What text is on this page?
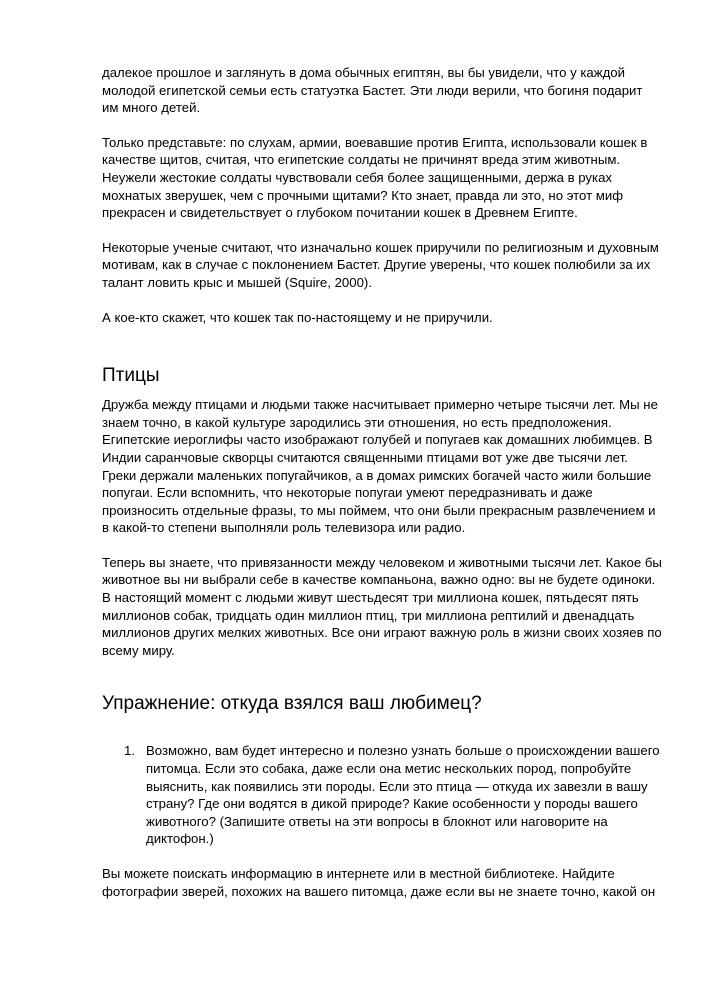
далекое прошлое и заглянуть в дома обычных египтян, вы бы увидели, что у каждой молодой египетской семьи есть статуэтка Бастет. Эти люди верили, что богиня подарит им много детей.

Только представьте: по слухам, армии, воевавшие против Египта, использовали кошек в качестве щитов, считая, что египетские солдаты не причинят вреда этим животным. Неужели жестокие солдаты чувствовали себя более защищенными, держа в руках мохнатых зверушек, чем с прочными щитами? Кто знает, правда ли это, но этот миф прекрасен и свидетельствует о глубоком почитании кошек в Древнем Египте.

Некоторые ученые считают, что изначально кошек приручили по религиозным и духовным мотивам, как в случае с поклонением Бастет. Другие уверены, что кошек полюбили за их талант ловить крыс и мышей (Squire, 2000).

А кое-кто скажет, что кошек так по-настоящему и не приручили.

Птицы

Дружба между птицами и людьми также насчитывает примерно четыре тысячи лет. Мы не знаем точно, в какой культуре зародились эти отношения, но есть предположения. Египетские иероглифы часто изображают голубей и попугаев как домашних любимцев. В Индии саранчовые скворцы считаются священными птицами вот уже две тысячи лет. Греки держали маленьких попугайчиков, а в домах римских богачей часто жили большие попугаи. Если вспомнить, что некоторые попугаи умеют передразнивать и даже произносить отдельные фразы, то мы поймем, что они были прекрасным развлечением и в какой-то степени выполняли роль телевизора или радио.

Теперь вы знаете, что привязанности между человеком и животными тысячи лет. Какое бы животное вы ни выбрали себе в качестве компаньона, важно одно: вы не будете одиноки. В настоящий момент с людьми живут шестьдесят три миллиона кошек, пятьдесят пять миллионов собак, тридцать один миллион птиц, три миллиона рептилий и двенадцать миллионов других мелких животных. Все они играют важную роль в жизни своих хозяев по всему миру.

Упражнение: откуда взялся ваш любимец?
1. Возможно, вам будет интересно и полезно узнать больше о происхождении вашего питомца. Если это собака, даже если она метис нескольких пород, попробуйте выяснить, как появились эти породы. Если это птица — откуда их завезли в вашу страну? Где они водятся в дикой природе? Какие особенности у породы вашего животного? (Запишите ответы на эти вопросы в блокнот или наговорите на диктофон.)

Вы можете поискать информацию в интернете или в местной библиотеке. Найдите фотографии зверей, похожих на вашего питомца, даже если вы не знаете точно, какой он
